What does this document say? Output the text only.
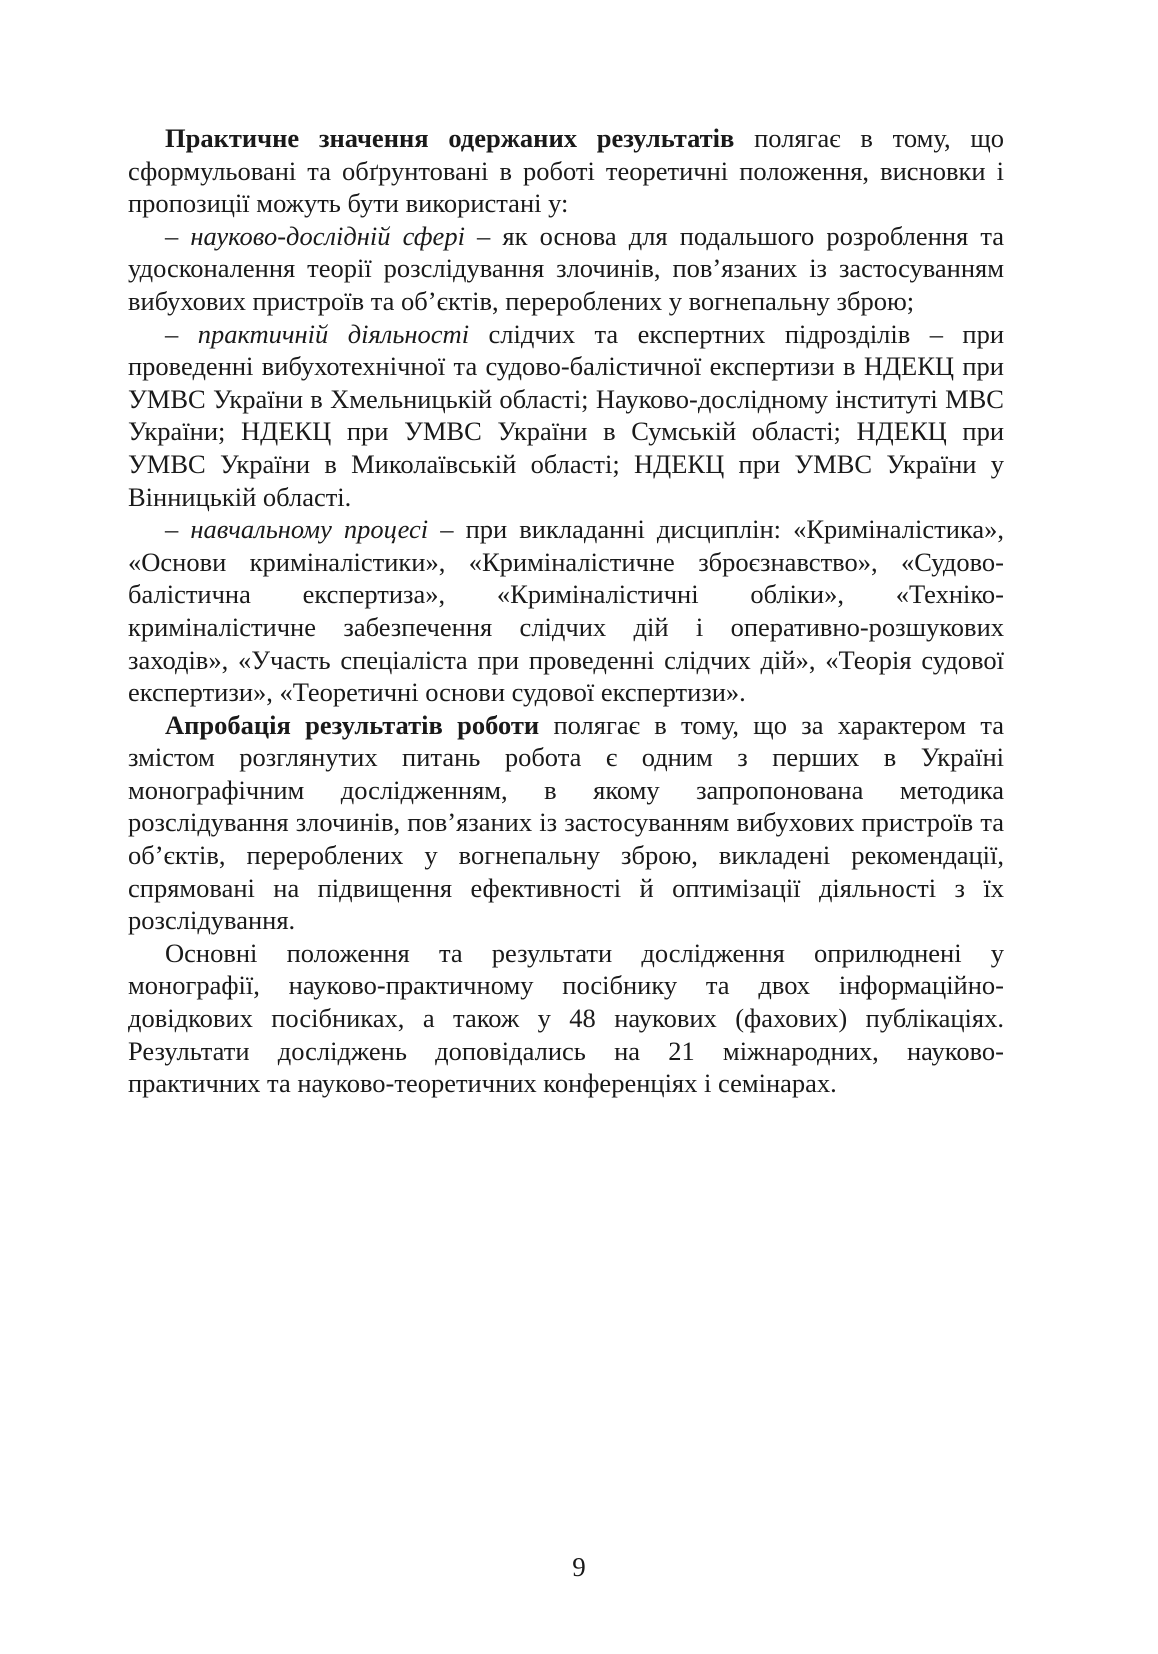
Практичне значення одержаних результатів полягає в тому, що сформульовані та обґрунтовані в роботі теоретичні положення, висновки і пропозиції можуть бути використані у:

– науково-дослідній сфері – як основа для подальшого розроблення та удосконалення теорії розслідування злочинів, пов’язаних із застосуванням вибухових пристроїв та об’єктів, перероблених у вогнепальну зброю;

– практичній діяльності слідчих та експертних підрозділів – при проведенні вибухотехнічної та судово-балістичної експертизи в НДЕКЦ при УМВС України в Хмельницькій області; Науково-дослідному інституті МВС України; НДЕКЦ при УМВС України в Сумській області; НДЕКЦ при УМВС України в Миколаївській області; НДЕКЦ при УМВС України у Вінницькій області.

– навчальному процесі – при викладанні дисциплін: «Криміналістика», «Основи криміналістики», «Криміналістичне зброєзнавство», «Судово-балістична експертиза», «Криміналістичні обліки», «Техніко-криміналістичне забезпечення слідчих дій і оперативно-розшукових заходів», «Участь спеціаліста при проведенні слідчих дій», «Теорія судової експертизи», «Теоретичні основи судової експертизи».

Апробація результатів роботи полягає в тому, що за характером та змістом розглянутих питань робота є одним з перших в Україні монографічним дослідженням, в якому запропонована методика розслідування злочинів, пов’язаних із застосуванням вибухових пристроїв та об’єктів, перероблених у вогнепальну зброю, викладені рекомендації, спрямовані на підвищення ефективності й оптимізації діяльності з їх розслідування.

Основні положення та результати дослідження оприлюднені у монографії, науково-практичному посібнику та двох інформаційно-довідкових посібниках, а також у 48 наукових (фахових) публікаціях. Результати досліджень доповідались на 21 міжнародних, науково-практичних та науково-теоретичних конференціях і семінарах.

9
